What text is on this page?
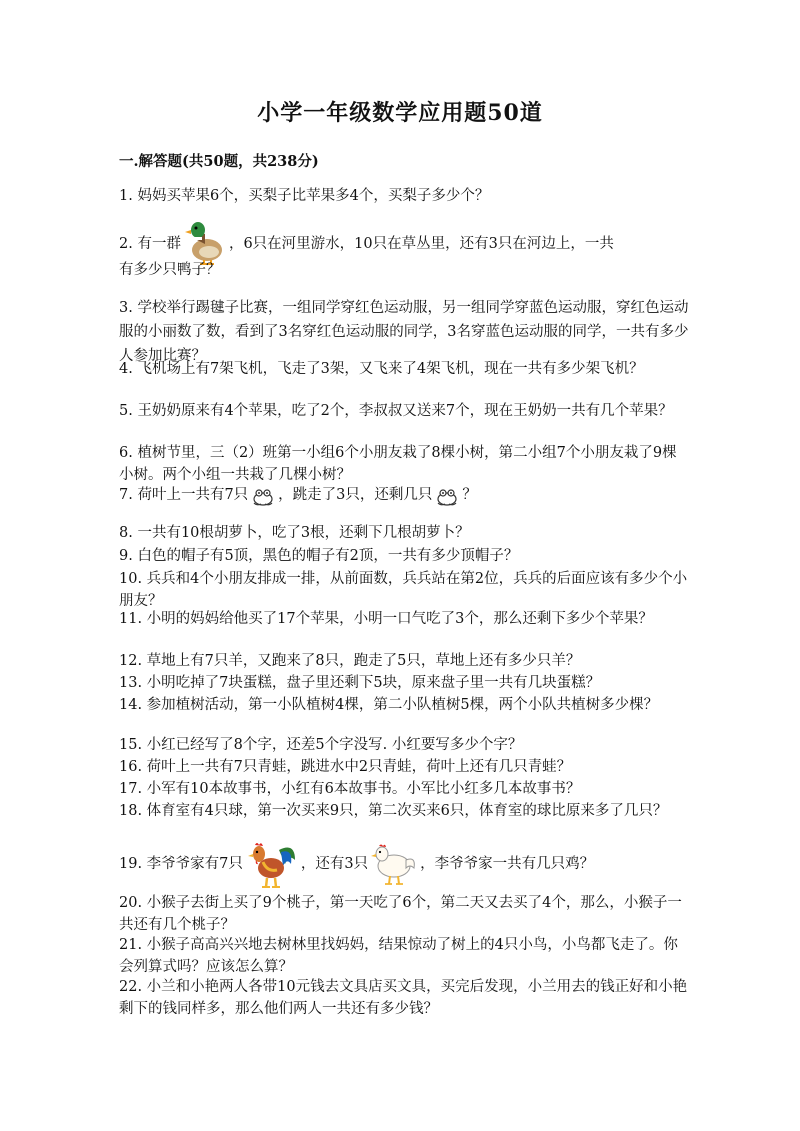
小学一年级数学应用题50道
一.解答题(共50题，共238分)
1. 妈妈买苹果6个，买梨子比苹果多4个，买梨子多少个？
2. 有一群	，6只在河里游水，10只在草丛里，还有3只在河边上，一共
有多少只鸭子？
3. 学校举行踢毽子比赛，一组同学穿红色运动服，另一组同学穿蓝色运动服，穿红色运动服的小丽数了数，看到了3名穿红色运动服的同学，3名穿蓝色运动服的同学，一共有多少人参加比赛？
4. 飞机场上有7架飞机，飞走了3架，又飞来了4架飞机，现在一共有多少架飞机？
5. 王奶奶原来有4个苹果，吃了2个，李叔叔又送来7个，现在王奶奶一共有几个苹果？
6. 植树节里，三（2）班第一小组6个小朋友栽了8棵小树，第二小组7个小朋友栽了9棵小树。两个小组一共栽了几棵小树？
7. 荷叶上一共有7只 ，跳走了3只，还剩几只 ？
8. 一共有10根胡萝卜，吃了3根，还剩下几根胡萝卜？
9. 白色的帽子有5顶，黑色的帽子有2顶，一共有多少顶帽子？
10. 兵兵和4个小朋友排成一排，从前面数，兵兵站在第2位，兵兵的后面应该有多少个小朋友？
11. 小明的妈妈给他买了17个苹果，小明一口气吃了3个，那么还剩下多少个苹果？
12. 草地上有7只羊，又跑来了8只，跑走了5只，草地上还有多少只羊？
13. 小明吃掉了7块蛋糕，盘子里还剩下5块，原来盘子里一共有几块蛋糕？
14. 参加植树活动，第一小队植树4棵，第二小队植树5棵，两个小队共植树多少棵？
15. 小红已经写了8个字，还差5个字没写. 小红要写多少个字？
16. 荷叶上一共有7只青蛙，跳进水中2只青蛙，荷叶上还有几只青蛙？
17. 小军有10本故事书，小红有6本故事书。小军比小红多几本故事书？
18. 体育室有4只球，第一次买来9只，第二次买来6只，体育室的球比原来多了几只？
19. 李爷爷家有7只	，还有3只	，李爷爷家一共有几只鸡？
20. 小猴子去街上买了9个桃子，第一天吃了6个，第二天又去买了4个，那么，小猴子一共还有几个桃子？
21. 小猴子高高兴兴地去树林里找妈妈，结果惊动了树上的4只小鸟，小鸟都飞走了。你会列算式吗？应该怎么算？
22. 小兰和小艳两人各带10元钱去文具店买文具，买完后发现，小兰用去的钱正好和小艳剩下的钱同样多，那么他们两人一共还有多少钱？
